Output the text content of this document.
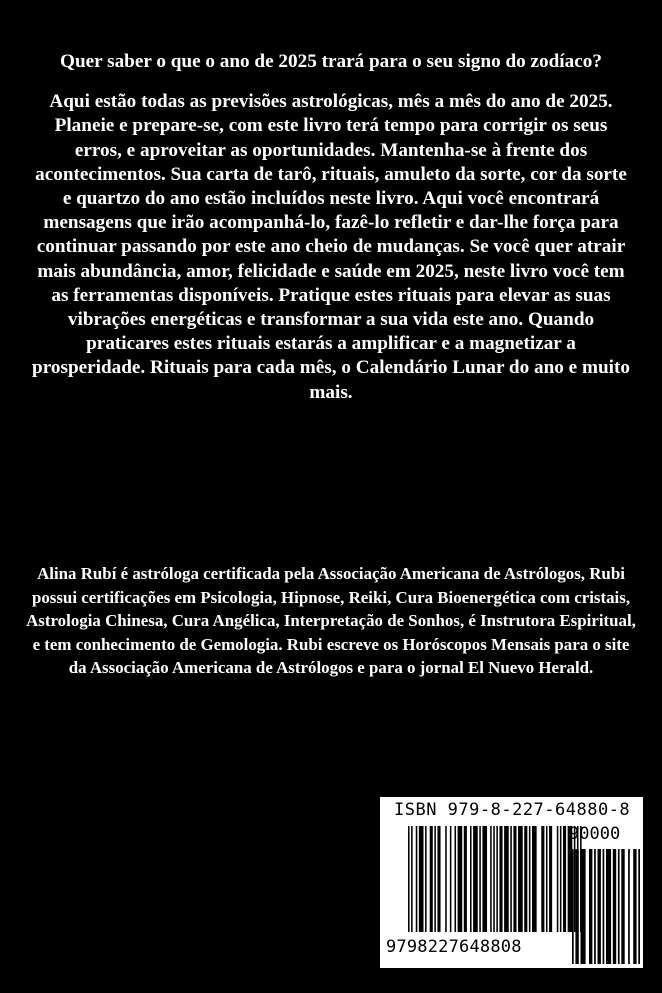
Quer saber o que o ano de 2025 trará para o seu signo do zodíaco?

Aqui estão todas as previsões astrológicas, mês a mês do ano de 2025. Planeie e prepare-se, com este livro terá tempo para corrigir os seus erros, e aproveitar as oportunidades. Mantenha-se à frente dos acontecimentos. Sua carta de tarô, rituais, amuleto da sorte, cor da sorte e quartzo do ano estão incluídos neste livro. Aqui você encontrará mensagens que irão acompanhá-lo, fazê-lo refletir e dar-lhe força para continuar passando por este ano cheio de mudanças. Se você quer atrair mais abundância, amor, felicidade e saúde em 2025, neste livro você tem as ferramentas disponíveis. Pratique estes rituais para elevar as suas vibrações energéticas e transformar a sua vida este ano. Quando praticares estes rituais estarás a amplificar e a magnetizar a prosperidade. Rituais para cada mês, o Calendário Lunar do ano e muito mais.

Alina Rubí é astróloga certificada pela Associação Americana de Astrólogos, Rubi possui certificações em Psicologia, Hipnose, Reiki, Cura Bioenergética com cristais, Astrologia Chinesa, Cura Angélica, Interpretação de Sonhos, é Instrutora Espiritual, e tem conhecimento de Gemologia. Rubi escreve os Horóscopos Mensais para o site da Associação Americana de Astrólogos e para o jornal El Nuevo Herald.
ISBN 979-8-227-64880-8
90000
9798227648808
